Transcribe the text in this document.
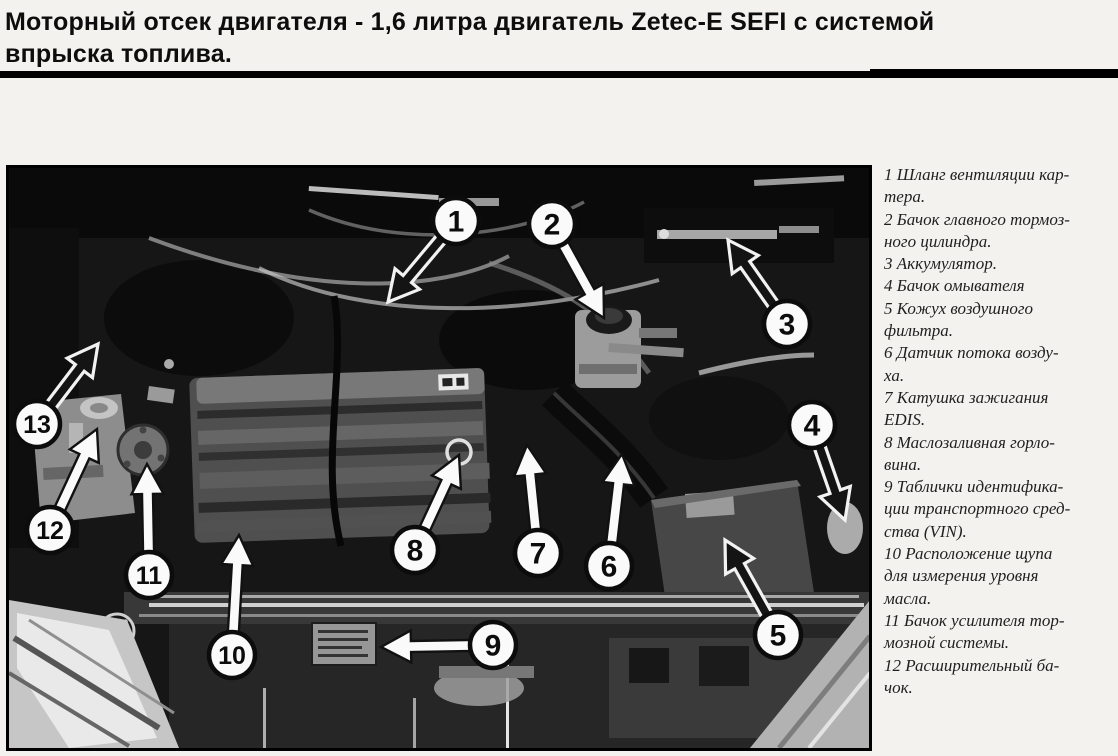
Моторный отсек двигателя - 1,6 литра двигатель Zetec-E SEFI с системой
впрыска топлива.
1	2
3
4
5
6
7
8
9
10
11
12
13
1 Шланг вентиляции кар-
тера.
2 Бачок главного тормоз-
ного цилиндра.
3 Аккумулятор.
4 Бачок омывателя
5 Кожух воздушного
фильтра.
6 Датчик потока возду-
ха.
7 Катушка зажигания
EDIS.
8 Маслозаливная горло-
вина.
9 Таблички идентифика-
ции транспортного сред-
ства (VIN).
10 Расположение щупа
для измерения уровня
масла.
11 Бачок усилителя тор-
мозной системы.
12 Расширительный ба-
чок.
